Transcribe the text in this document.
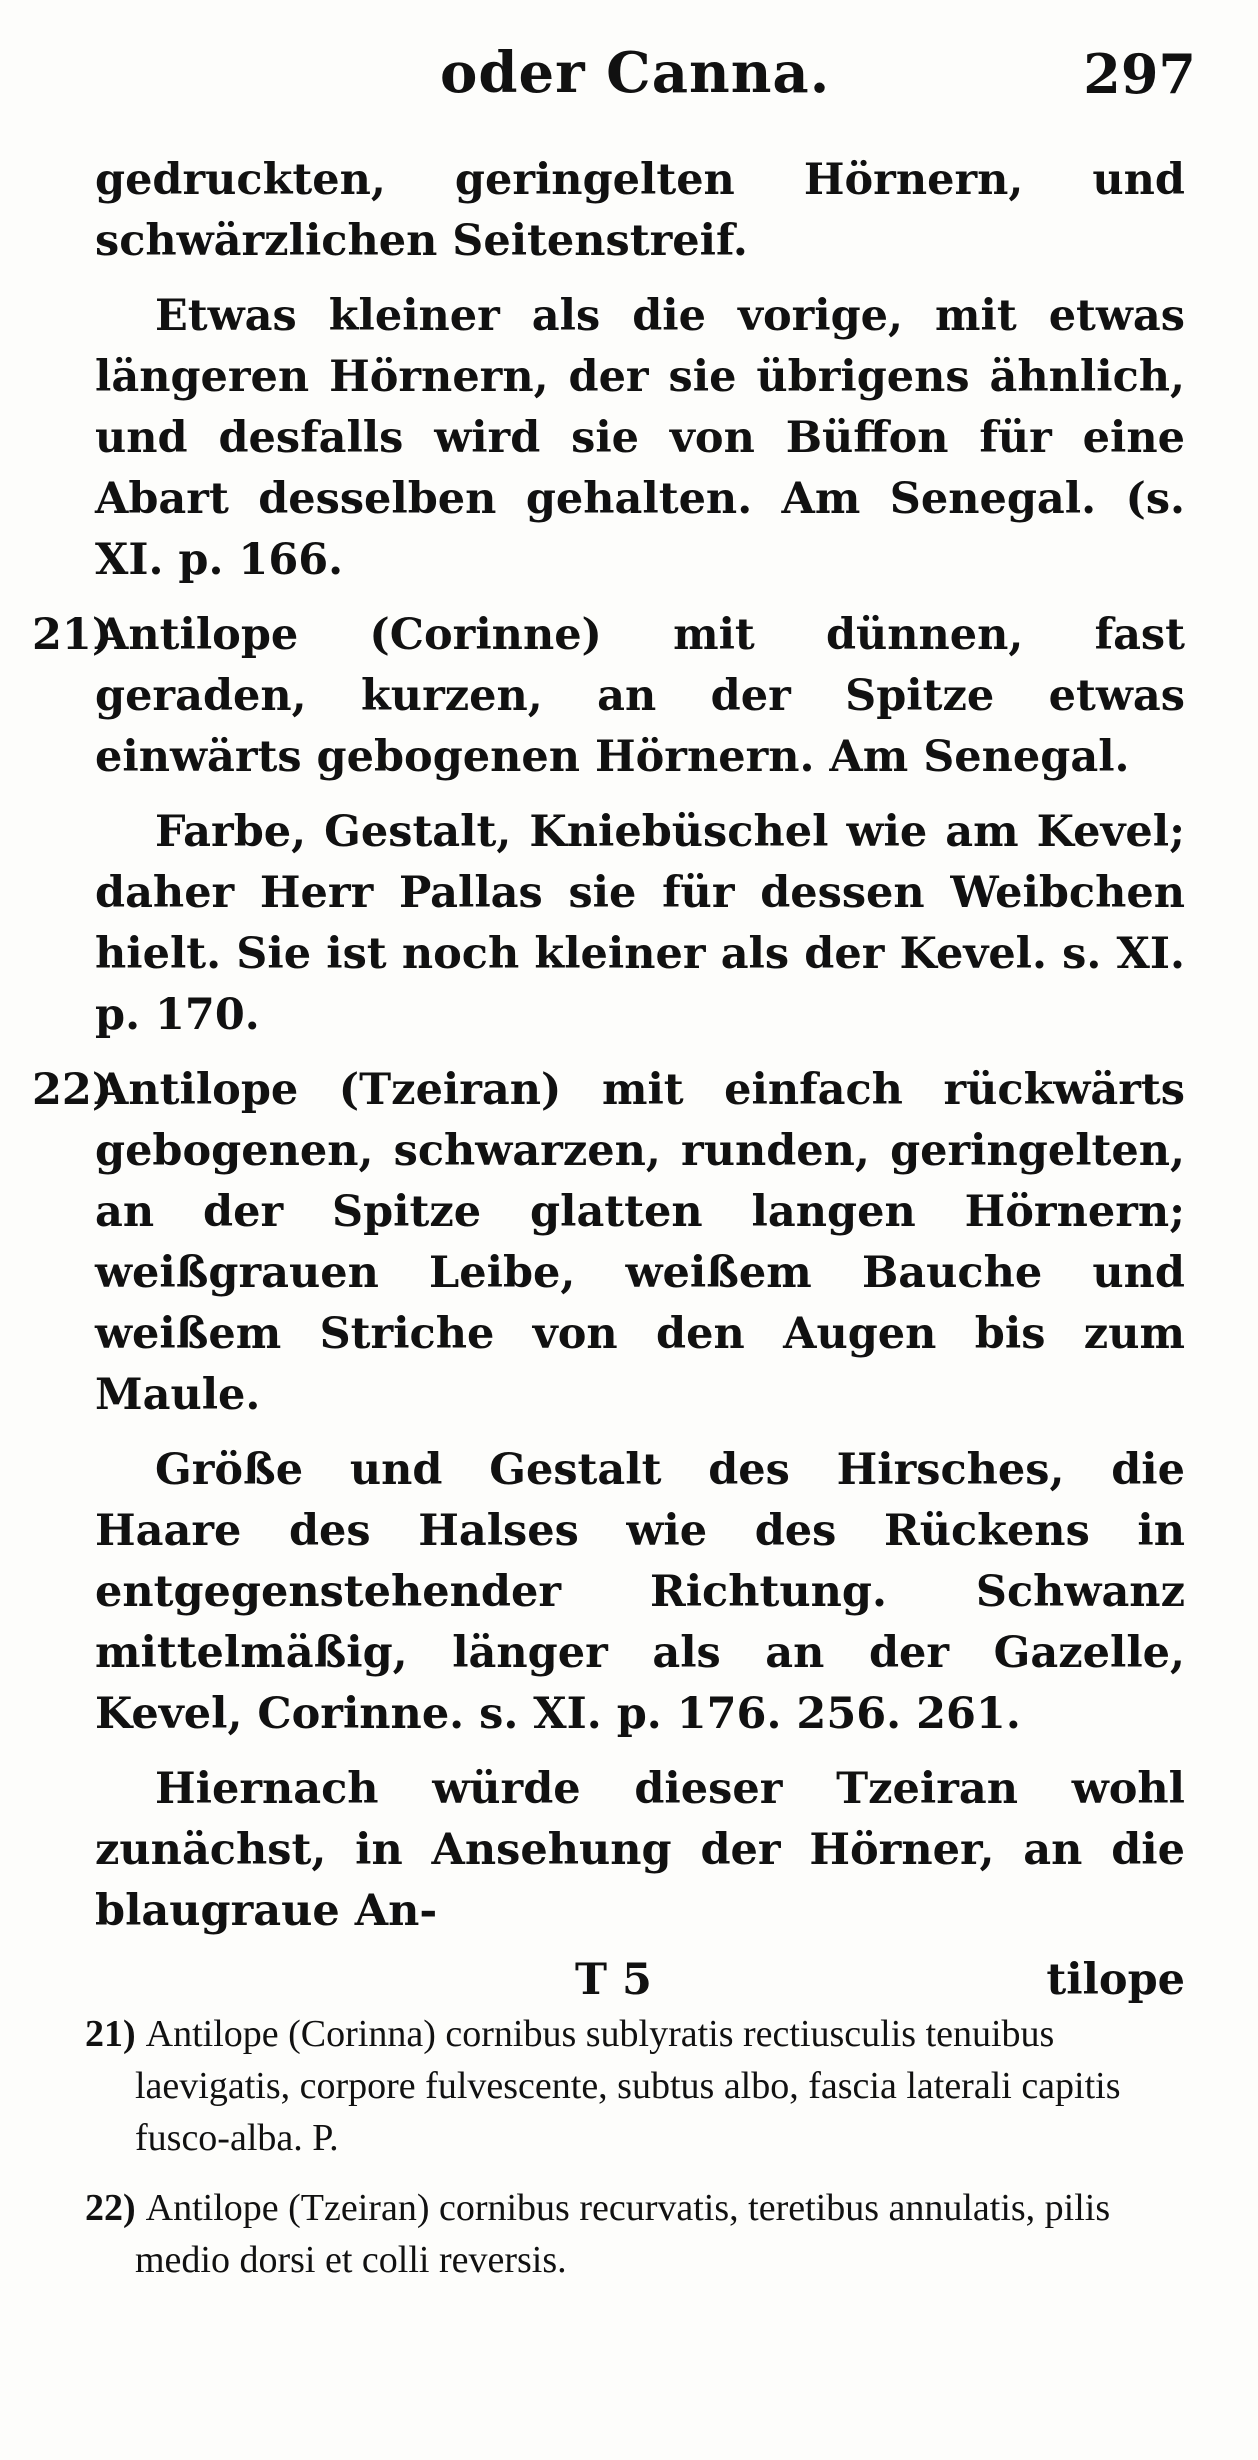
oder Canna.	297

gedruckten, geringelten Hörnern, und schwärzlichen Seitenstreif.

Etwas kleiner als die vorige, mit etwas längeren Hörnern, der sie übrigens ähnlich, und desfalls wird sie von Büffon für eine Abart desselben gehalten. Am Senegal. (s. XI. p. 166.

21)
Antilope (Corinne) mit dünnen, fast geraden, kurzen, an der Spitze etwas einwärts gebogenen Hörnern. Am Senegal.

Farbe, Gestalt, Kniebüschel wie am Kevel; daher Herr Pallas sie für dessen Weibchen hielt. Sie ist noch kleiner als der Kevel. s. XI. p. 170.

22)
Antilope (Tzeiran) mit einfach rückwärts gebogenen, schwarzen, runden, geringelten, an der Spitze glatten langen Hörnern; weißgrauen Leibe, weißem Bauche und weißem Striche von den Augen bis zum Maule.

Größe und Gestalt des Hirsches, die Haare des Halses wie des Rückens in entgegenstehender Richtung. Schwanz mittelmäßig, länger als an der Gazelle, Kevel, Corinne. s. XI. p. 176. 256. 261.

Hiernach würde dieser Tzeiran wohl zunächst, in Ansehung der Hörner, an die blaugraue An-

T 5	tilope

21) Antilope (Corinna) cornibus sublyratis rectiusculis tenuibus laevigatis, corpore fulvescente, subtus albo, fascia laterali capitis fusco-alba. P.

22) Antilope (Tzeiran) cornibus recurvatis, teretibus annulatis, pilis medio dorsi et colli reversis.
